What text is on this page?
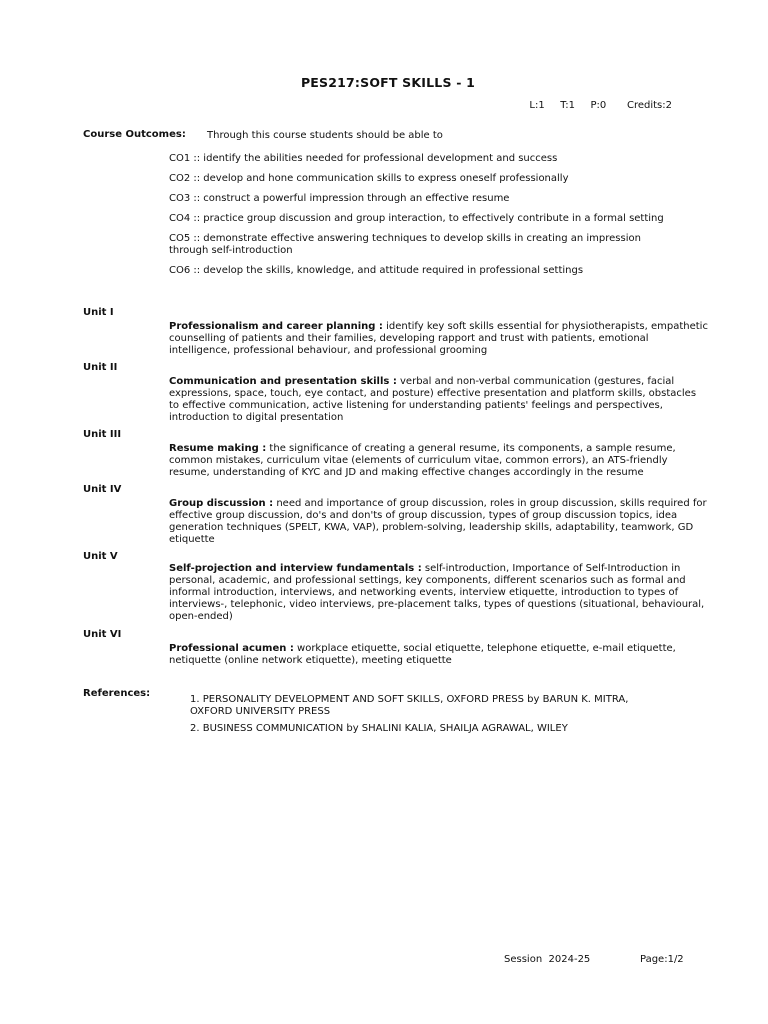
PES217:SOFT SKILLS - 1
L:1   T:1   P:0    Credits:2
Course Outcomes: Through this course students should be able to
CO1 :: identify the abilities needed for professional development and success
CO2 :: develop and hone communication skills to express oneself professionally
CO3 :: construct a powerful impression through an effective resume
CO4 :: practice group discussion and group interaction, to effectively contribute in a formal setting
CO5 :: demonstrate effective answering techniques to develop skills in creating an impression through self-introduction
CO6 :: develop the skills, knowledge, and attitude required in professional settings
Unit I
Professionalism and career planning : identify key soft skills essential for physiotherapists, empathetic counselling of patients and their families, developing rapport and trust with patients, emotional intelligence, professional behaviour, and professional grooming
Unit II
Communication and presentation skills : verbal and non-verbal communication (gestures, facial expressions, space, touch, eye contact, and posture) effective presentation and platform skills, obstacles to effective communication, active listening for understanding patients' feelings and perspectives, introduction to digital presentation
Unit III
Resume making : the significance of creating a general resume, its components, a sample resume, common mistakes, curriculum vitae (elements of curriculum vitae, common errors), an ATS-friendly resume, understanding of KYC and JD and making effective changes accordingly in the resume
Unit IV
Group discussion : need and importance of group discussion, roles in group discussion, skills required for effective group discussion, do's and don'ts of group discussion, types of group discussion topics, idea generation techniques (SPELT, KWA, VAP), problem-solving, leadership skills, adaptability, teamwork, GD etiquette
Unit V
Self-projection and interview fundamentals : self-introduction, Importance of Self-Introduction in personal, academic, and professional settings, key components, different scenarios such as formal and informal introduction, interviews, and networking events, interview etiquette, introduction to types of interviews-, telephonic, video interviews, pre-placement talks, types of questions (situational, behavioural, open-ended)
Unit VI
Professional acumen : workplace etiquette, social etiquette, telephone etiquette, e-mail etiquette, netiquette (online network etiquette), meeting etiquette
References:
1. PERSONALITY DEVELOPMENT AND SOFT SKILLS, OXFORD PRESS by BARUN K. MITRA, OXFORD UNIVERSITY PRESS
2. BUSINESS COMMUNICATION by SHALINI KALIA, SHAILJA AGRAWAL, WILEY
Session  2024-25	Page:1/2
